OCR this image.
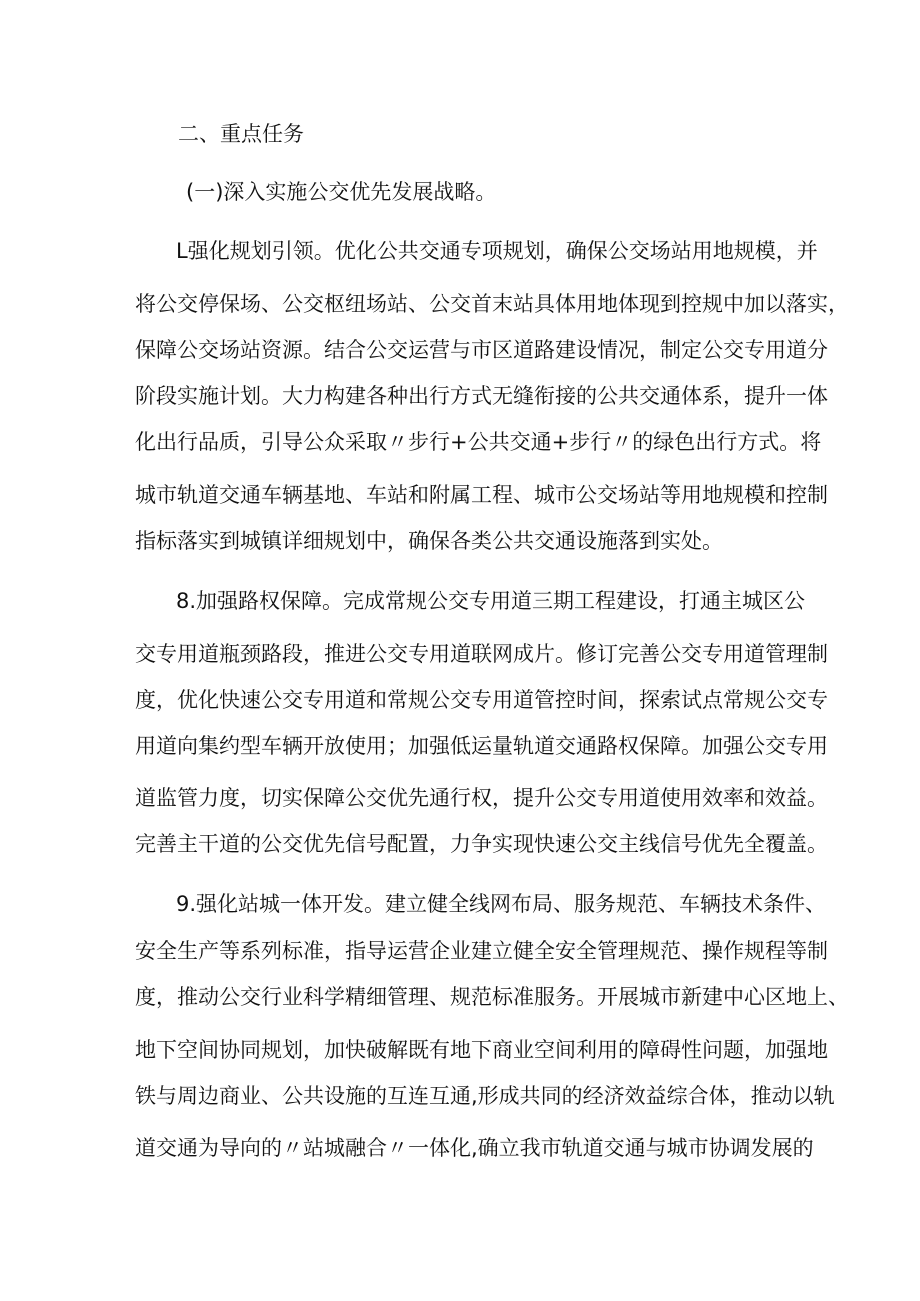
二、重点任务
(一)深入实施公交优先发展战略。
L强化规划引领。优化公共交通专项规划，确保公交场站用地规模，并
将公交停保场、公交枢纽场站、公交首末站具体用地体现到控规中加以落实，
保障公交场站资源。结合公交运营与市区道路建设情况，制定公交专用道分
阶段实施计划。大力构建各种出行方式无缝衔接的公共交通体系，提升一体
化出行品质，引导公众采取〃步行+公共交通+步行〃的绿色出行方式。将
城市轨道交通车辆基地、车站和附属工程、城市公交场站等用地规模和控制
指标落实到城镇详细规划中，确保各类公共交通设施落到实处。
8.加强路权保障。完成常规公交专用道三期工程建设，打通主城区公
交专用道瓶颈路段，推进公交专用道联网成片。修订完善公交专用道管理制
度，优化快速公交专用道和常规公交专用道管控时间，探索试点常规公交专
用道向集约型车辆开放使用；加强低运量轨道交通路权保障。加强公交专用
道监管力度，切实保障公交优先通行权，提升公交专用道使用效率和效益。
完善主干道的公交优先信号配置，力争实现快速公交主线信号优先全覆盖。
9.强化站城一体开发。建立健全线网布局、服务规范、车辆技术条件、
安全生产等系列标准，指导运营企业建立健全安全管理规范、操作规程等制
度，推动公交行业科学精细管理、规范标准服务。开展城市新建中心区地上、
地下空间协同规划，加快破解既有地下商业空间利用的障碍性问题，加强地
铁与周边商业、公共设施的互连互通,形成共同的经济效益综合体，推动以轨
道交通为导向的〃站城融合〃一体化,确立我市轨道交通与城市协调发展的
